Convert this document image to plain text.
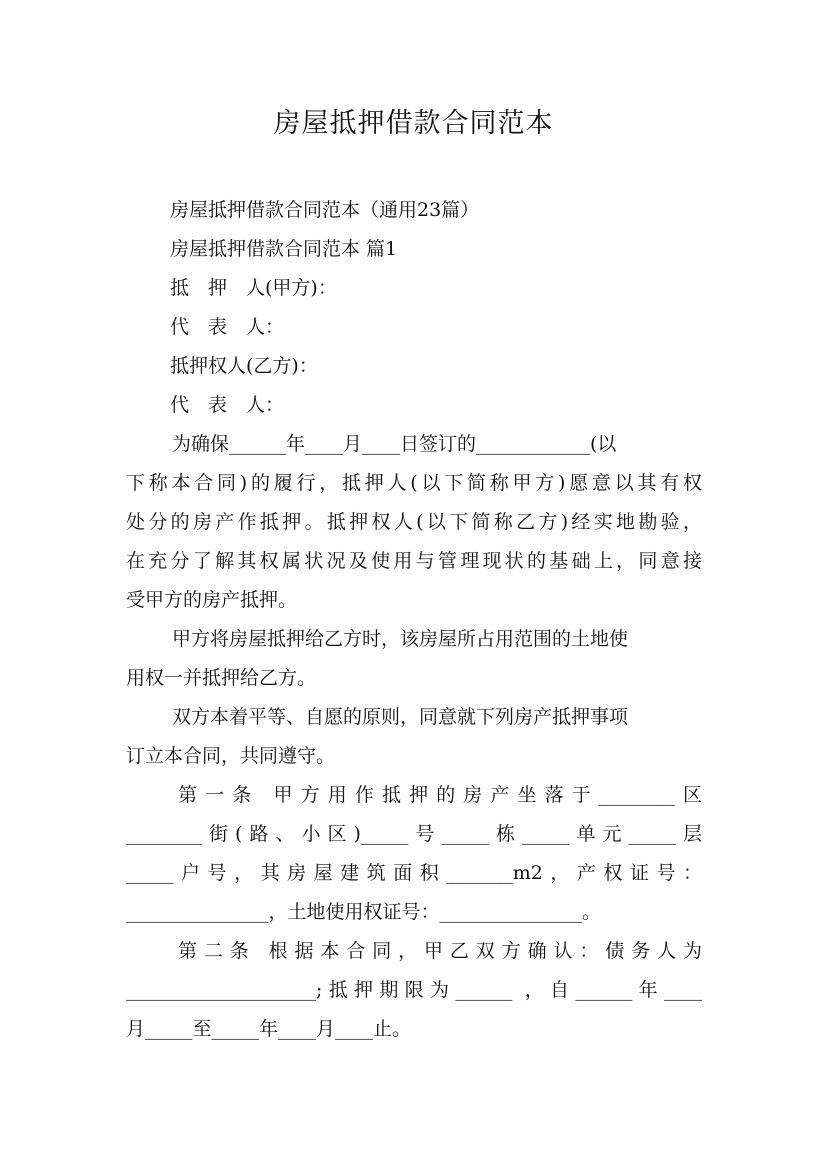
房屋抵押借款合同范本
房屋抵押借款合同范本（通用23篇）
房屋抵押借款合同范本 篇1
抵　押　人(甲方)：
代　表　人：
抵押权人(乙方)：
代　表　人：
为确保______年____月____日签订的____________(以
下称本合同)的履行，抵押人(以下简称甲方)愿意以其有权
处分的房产作抵押。抵押权人(以下简称乙方)经实地勘验，
在充分了解其权属状况及使用与管理现状的基础上，同意接
受甲方的房产抵押。
甲方将房屋抵押给乙方时，该房屋所占用范围的土地使
用权一并抵押给乙方。
双方本着平等、自愿的原则，同意就下列房产抵押事项
订立本合同，共同遵守。
第一条 甲方用作抵押的房产坐落于________区
________街(路、小区)_____号_____栋_____单元_____层
_____户号，其房屋建筑面积_______m2，产权证号：
_______________，土地使用权证号：_______________。
第二条 根据本合同，甲乙双方确认：债务人为
____________________;抵押期限为______ ，自______年____
月_____至_____年____月____止。
